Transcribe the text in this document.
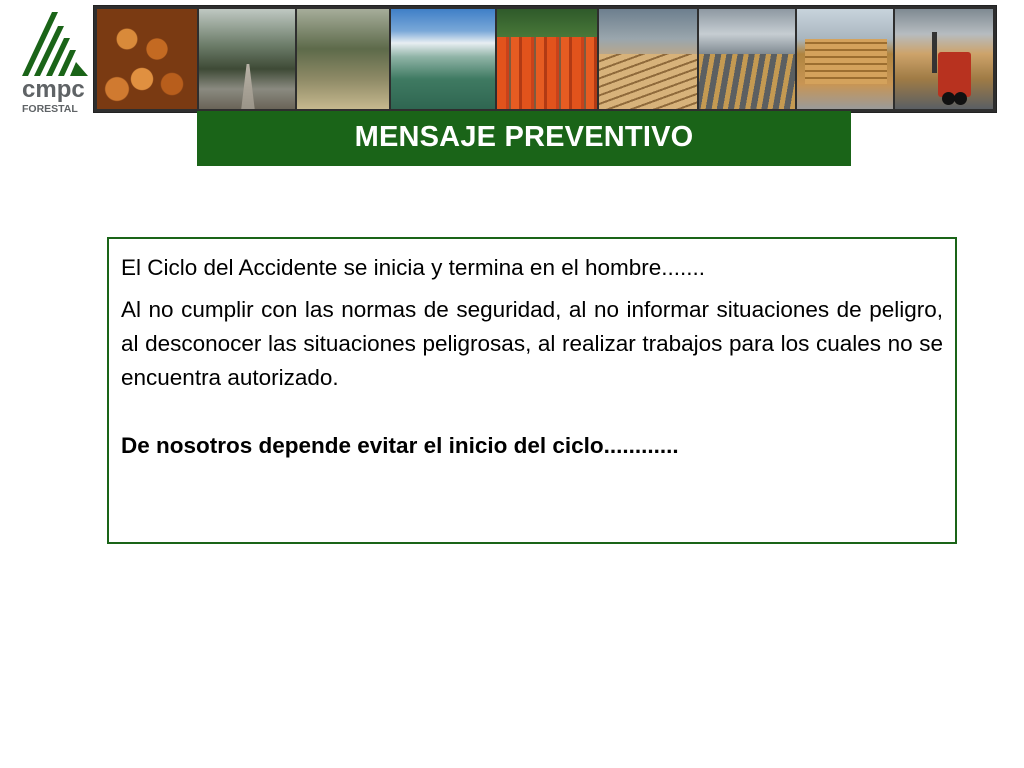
cmpc
FORESTAL
MENSAJE PREVENTIVO

El Ciclo del Accidente se inicia y termina en el hombre.......

Al no cumplir con las normas de seguridad, al no informar situaciones de peligro, al desconocer las situaciones peligrosas, al realizar trabajos para los cuales no se encuentra autorizado.

De nosotros depende evitar el inicio del ciclo............
